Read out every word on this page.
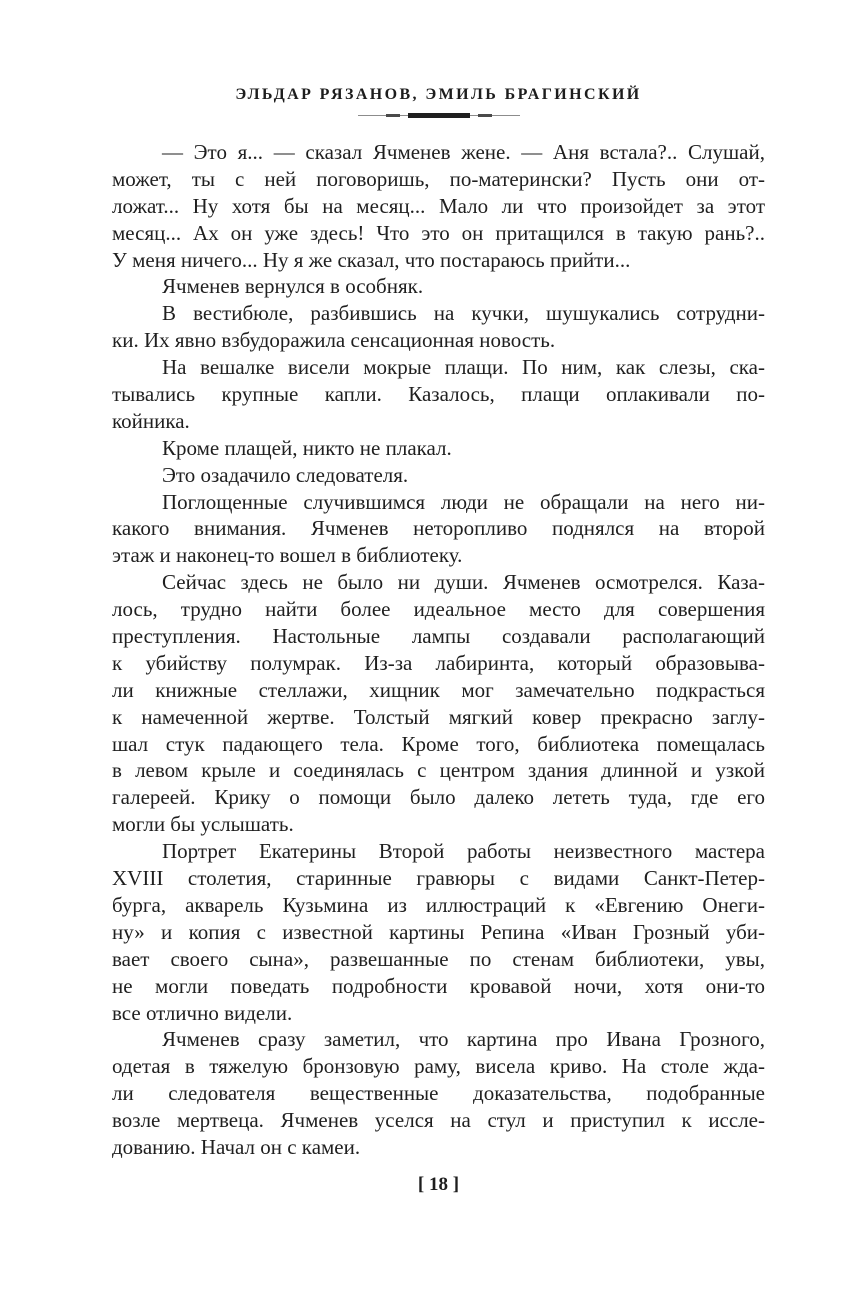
ЭЛЬДАР РЯЗАНОВ, ЭМИЛЬ БРАГИНСКИЙ
— Это я... — сказал Ячменев жене. — Аня встала?.. Слушай,
может, ты с ней поговоришь, по-матерински? Пусть они от-
ложат... Ну хотя бы на месяц... Мало ли что произойдет за этот
месяц... Ах он уже здесь! Что это он притащился в такую рань?..
У меня ничего... Ну я же сказал, что постараюсь прийти...
Ячменев вернулся в особняк.
В вестибюле, разбившись на кучки, шушукались сотрудни-
ки. Их явно взбудоражила сенсационная новость.
На вешалке висели мокрые плащи. По ним, как слезы, ска-
тывались крупные капли. Казалось, плащи оплакивали по-
койника.
Кроме плащей, никто не плакал.
Это озадачило следователя.
Поглощенные случившимся люди не обращали на него ни-
какого внимания. Ячменев неторопливо поднялся на второй
этаж и наконец-то вошел в библиотеку.
Сейчас здесь не было ни души. Ячменев осмотрелся. Каза-
лось, трудно найти более идеальное место для совершения
преступления. Настольные лампы создавали располагающий
к убийству полумрак. Из-за лабиринта, который образовыва-
ли книжные стеллажи, хищник мог замечательно подкрасться
к намеченной жертве. Толстый мягкий ковер прекрасно заглу-
шал стук падающего тела. Кроме того, библиотека помещалась
в левом крыле и соединялась с центром здания длинной и узкой
галереей. Крику о помощи было далеко лететь туда, где его
могли бы услышать.
Портрет Екатерины Второй работы неизвестного мастера
XVIII столетия, старинные гравюры с видами Санкт-Петер-
бурга, акварель Кузьмина из иллюстраций к «Евгению Онеги-
ну» и копия с известной картины Репина «Иван Грозный уби-
вает своего сына», развешанные по стенам библиотеки, увы,
не могли поведать подробности кровавой ночи, хотя они-то
все отлично видели.
Ячменев сразу заметил, что картина про Ивана Грозного,
одетая в тяжелую бронзовую раму, висела криво. На столе жда-
ли следователя вещественные доказательства, подобранные
возле мертвеца. Ячменев уселся на стул и приступил к иссле-
дованию. Начал он с камеи.
[ 18 ]
